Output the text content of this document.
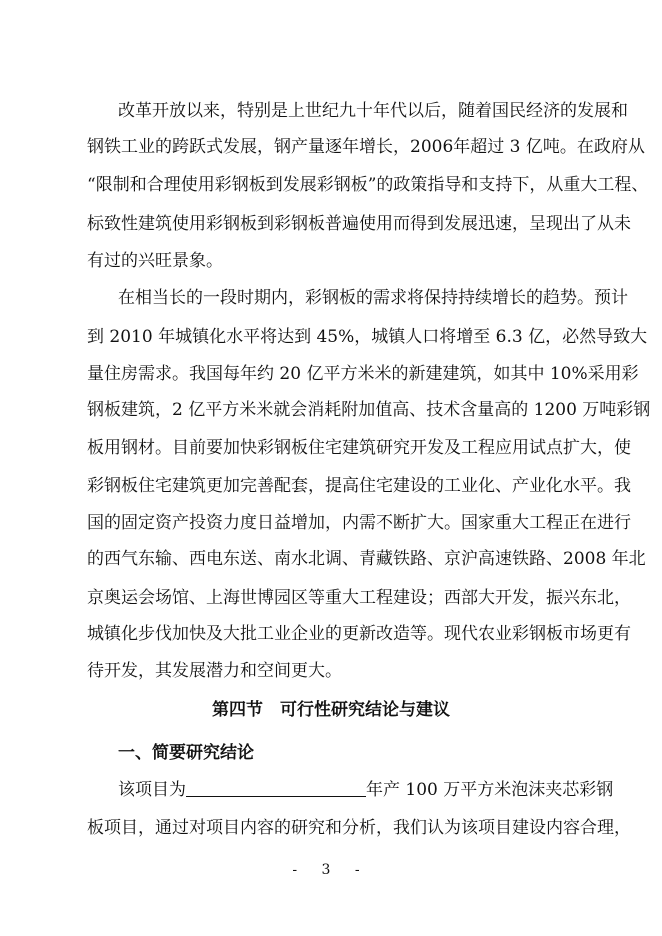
改革开放以来，特别是上世纪九十年代以后，随着国民经济的发展和
钢铁工业的跨跃式发展，钢产量逐年增长，2006年超过 3 亿吨。在政府从
“限制和合理使用彩钢板到发展彩钢板”的政策指导和支持下，从重大工程、
标致性建筑使用彩钢板到彩钢板普遍使用而得到发展迅速，呈现出了从未
有过的兴旺景象。
在相当长的一段时期内，彩钢板的需求将保持持续增长的趋势。预计
到 2010 年城镇化水平将达到 45%，城镇人口将增至 6.3 亿，必然导致大
量住房需求。我国每年约 20 亿平方米米的新建建筑，如其中 10%采用彩
钢板建筑，2 亿平方米米就会消耗附加值高、技术含量高的 1200 万吨彩钢
板用钢材。目前要加快彩钢板住宅建筑研究开发及工程应用试点扩大，使
彩钢板住宅建筑更加完善配套，提高住宅建设的工业化、产业化水平。我
国的固定资产投资力度日益增加，内需不断扩大。国家重大工程正在进行
的西气东输、西电东送、南水北调、青藏铁路、京沪高速铁路、2008 年北
京奥运会场馆、上海世博园区等重大工程建设；西部大开发，振兴东北，
城镇化步伐加快及大批工业企业的更新改造等。现代农业彩钢板市场更有
待开发，其发展潜力和空间更大。
第四节　可行性研究结论与建议
一、简要研究结论
该项目为	年产 100 万平方米泡沫夹芯彩钢
板项目，通过对项目内容的研究和分析，我们认为该项目建设内容合理，
- 3 -
